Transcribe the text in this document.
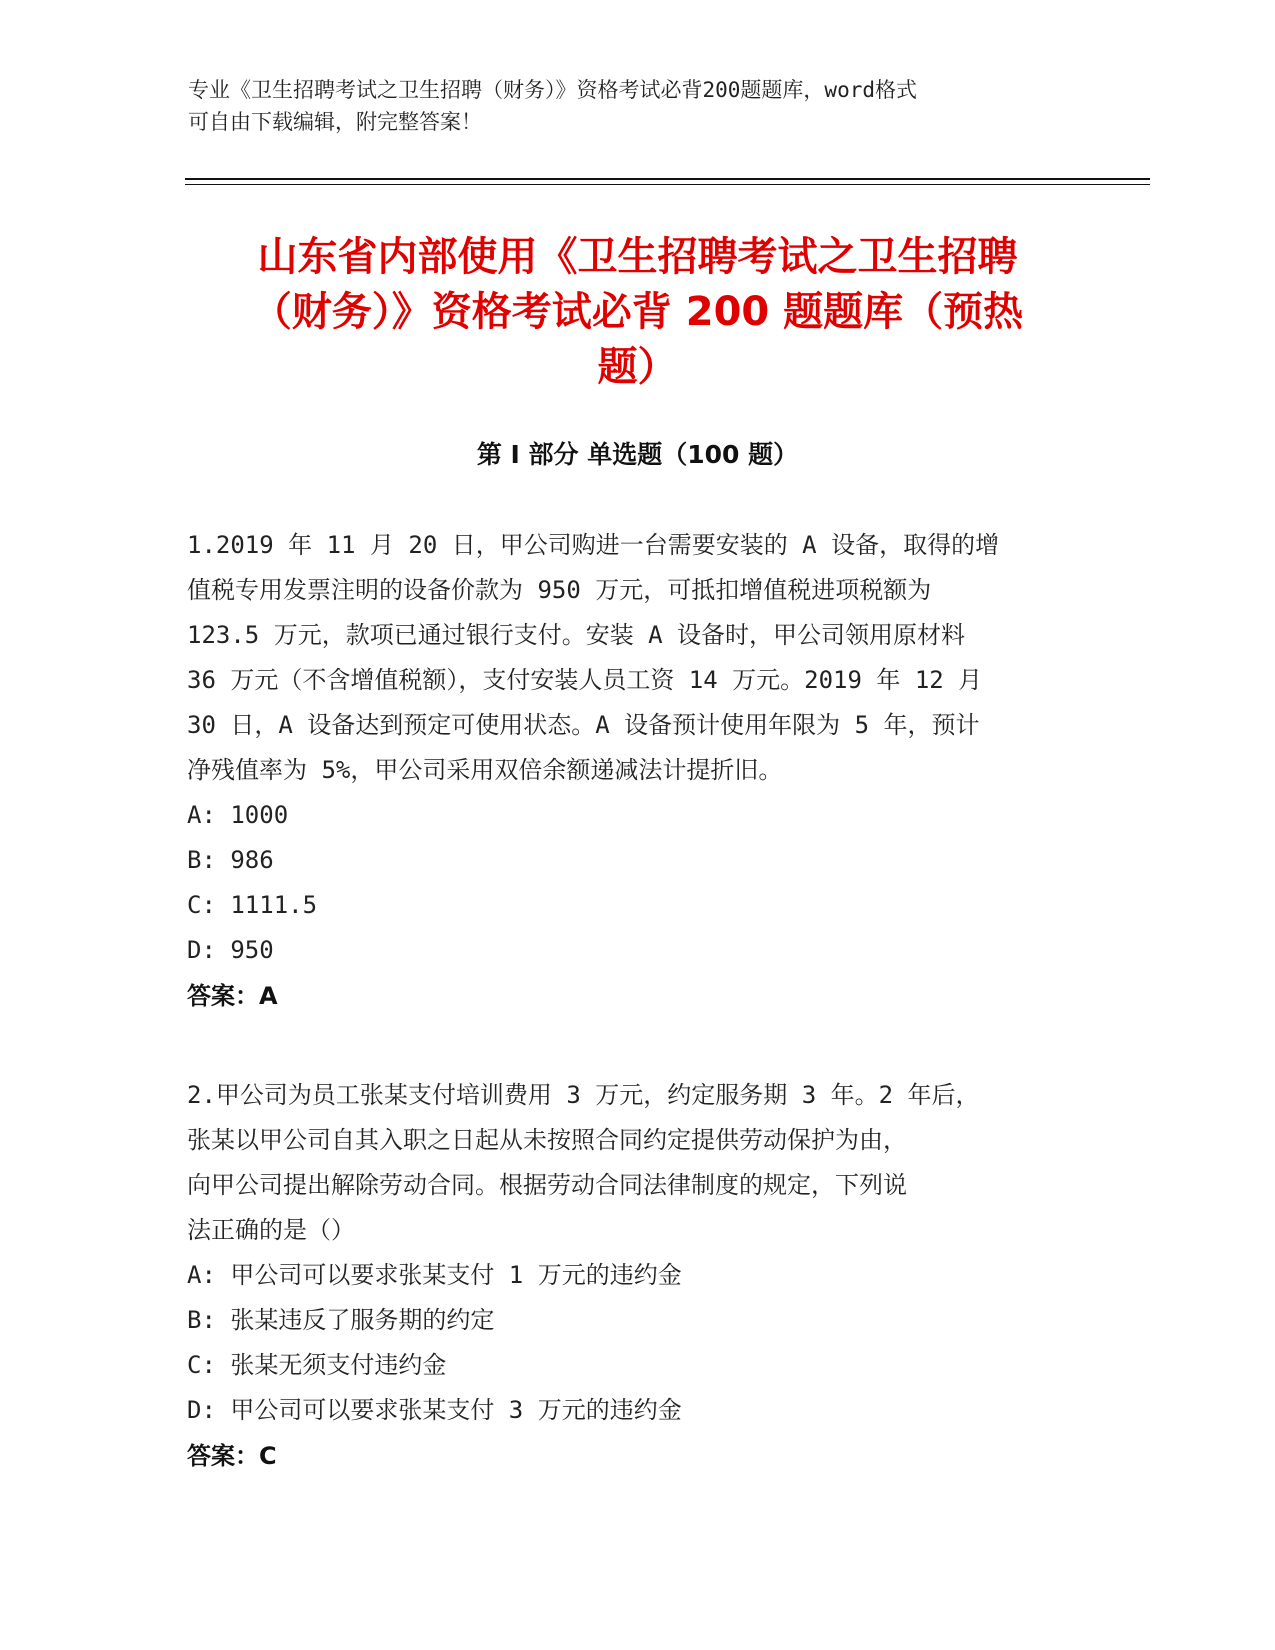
专业《卫生招聘考试之卫生招聘（财务）》资格考试必背200题题库，word格式
可自由下载编辑，附完整答案！
山东省内部使用《卫生招聘考试之卫生招聘
（财务）》资格考试必背 200 题题库（预热
题）
第 I 部分 单选题（100 题）
1.2019 年 11 月 20 日，甲公司购进一台需要安装的 A 设备，取得的增
值税专用发票注明的设备价款为 950 万元，可抵扣增值税进项税额为
123.5 万元，款项已通过银行支付。安装 A 设备时，甲公司领用原材料
36 万元（不含增值税额），支付安装人员工资 14 万元。2019 年 12 月
30 日，A 设备达到预定可使用状态。A 设备预计使用年限为 5 年，预计
净残值率为 5%，甲公司采用双倍余额递减法计提折旧。
A: 1000
B: 986
C: 1111.5
D: 950
答案：A
2.甲公司为员工张某支付培训费用 3 万元，约定服务期 3 年。2 年后，
张某以甲公司自其入职之日起从未按照合同约定提供劳动保护为由，
向甲公司提出解除劳动合同。根据劳动合同法律制度的规定，下列说
法正确的是（）
A: 甲公司可以要求张某支付 1 万元的违约金
B: 张某违反了服务期的约定
C: 张某无须支付违约金
D: 甲公司可以要求张某支付 3 万元的违约金
答案：C
